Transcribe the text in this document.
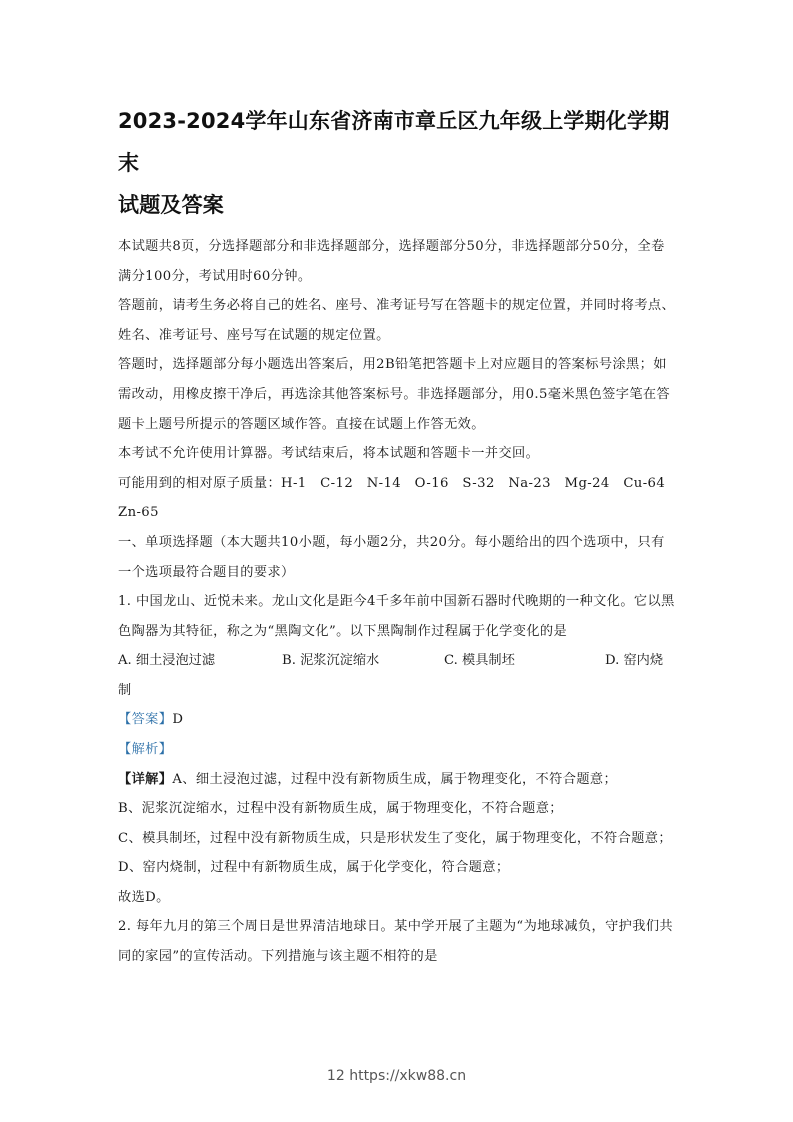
2023-2024学年山东省济南市章丘区九年级上学期化学期末
试题及答案

本试题共8页，分选择题部分和非选择题部分，选择题部分50分，非选择题部分50分，全卷满分100分，考试用时60分钟。

答题前，请考生务必将自己的姓名、座号、准考证号写在答题卡的规定位置，并同时将考点、姓名、准考证号、座号写在试题的规定位置。

答题时，选择题部分每小题选出答案后，用2B铅笔把答题卡上对应题目的答案标号涂黑；如需改动，用橡皮擦干净后，再选涂其他答案标号。非选择题部分，用0.5毫米黑色签字笔在答题卡上题号所提示的答题区域作答。直接在试题上作答无效。

本考试不允许使用计算器。考试结束后，将本试题和答题卡一并交回。

可能用到的相对原子质量：H-1　C-12　N-14　O-16　S-32　Na-23　Mg-24　Cu-64　Zn-65

一、单项选择题（本大题共10小题，每小题2分，共20分。每小题给出的四个选项中，只有一个选项最符合题目的要求）

1. 中国龙山、近悦未来。龙山文化是距今4千多年前中国新石器时代晚期的一种文化。它以黑色陶器为其特征，称之为“黑陶文化”。以下黑陶制作过程属于化学变化的是

A. 细土浸泡过滤	B. 泥浆沉淀缩水	C. 模具制坯	D. 窑内烧
制

【答案】D

【解析】

【详解】A、细土浸泡过滤，过程中没有新物质生成，属于物理变化，不符合题意；

B、泥浆沉淀缩水，过程中没有新物质生成，属于物理变化，不符合题意；

C、模具制坯，过程中没有新物质生成，只是形状发生了变化，属于物理变化，不符合题意；

D、窑内烧制，过程中有新物质生成，属于化学变化，符合题意；

故选D。

2. 每年九月的第三个周日是世界清洁地球日。某中学开展了主题为“为地球减负，守护我们共同的家园”的宣传活动。下列措施与该主题不相符的是

12 https://xkw88.cn
